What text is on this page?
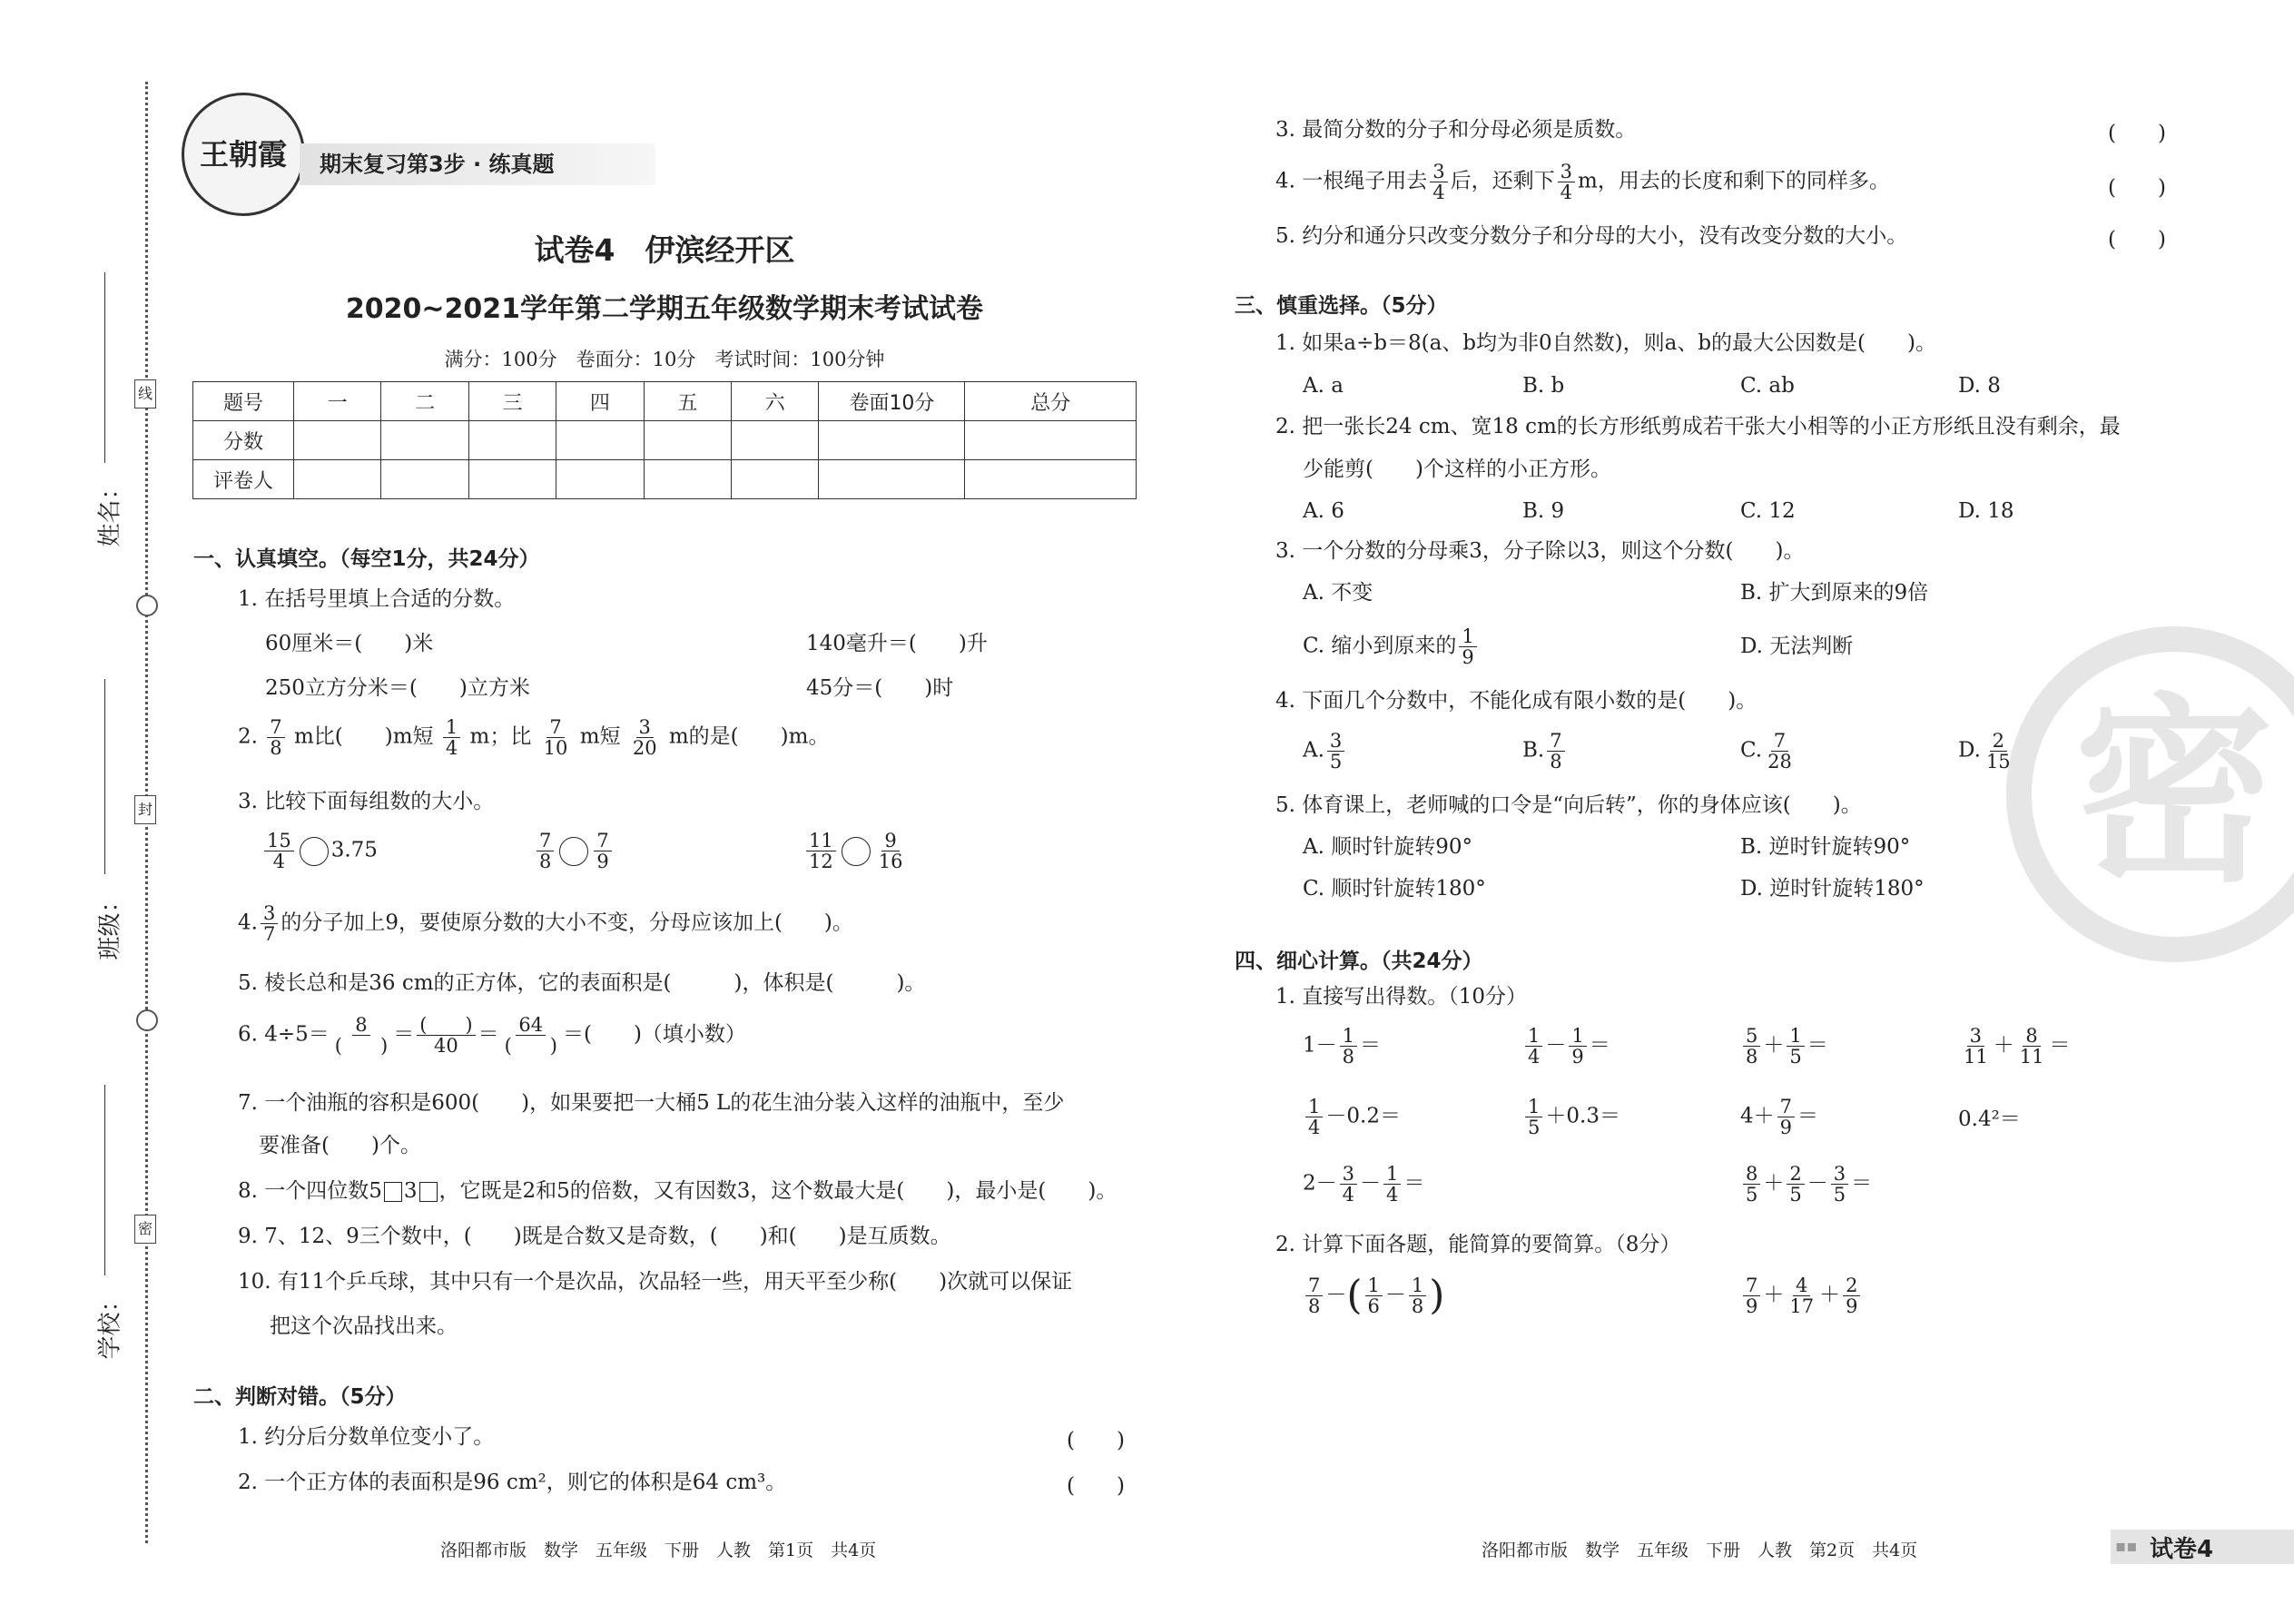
线
封
密
姓名：
班级：
学校：
王朝霞	期末复习第3步 · 练真题
试卷4　伊滨经开区
2020~2021学年第二学期五年级数学期末考试试卷
满分：100分　卷面分：10分　考试时间：100分钟
题号	一	二	三	四	五	六	卷面10分	总分
分数								
评卷人								
一、认真填空。（每空1分，共24分）
1. 在括号里填上合适的分数。
60厘米＝(　　)米	140毫升＝(　　)升
250立方分米＝(　　)立方米	45分＝(　　)时
2. $\frac{7}{8}$ m比(　　)m短 $\frac{1}{4}$ m；比 $\frac{7}{10}$ m短 $\frac{3}{20}$ m的是(　　)m。
3. 比较下面每组数的大小。
$\frac{15}{4} 3.75$	$\frac{7}{8} \frac{7}{9}$	$\frac{11}{12} \frac{9}{16}$
4. $\frac{3}{7}$ 的分子加上9，要使原分数的大小不变，分母应该加上(　　)。
5. 棱长总和是36 cm的正方体，它的表面积是(　　　)，体积是(　　　)。
6. $4\div 5= \frac{8}{( )} = \frac{( )}{40} = \frac{64}{( )}$ ＝(　　)（填小数）
7. 一个油瓶的容积是600(　　)，如果要把一大桶5 L的花生油分装入这样的油瓶中，至少
要准备(　　)个。
8. 一个四位数5 3 ，它既是2和5的倍数，又有因数3，这个数最大是(　　)，最小是(　　)。
9. 7、12、9三个数中，(　　)既是合数又是奇数，(　　)和(　　)是互质数。
10. 有11个乒乓球，其中只有一个是次品，次品轻一些，用天平至少称(　　)次就可以保证
把这个次品找出来。
二、判断对错。（5分）
1. 约分后分数单位变小了。	(　　)
2. 一个正方体的表面积是96 cm²，则它的体积是64 cm³。	(　　)
洛阳都市版　数学　五年级　下册　人教　第1页　共4页
3. 最简分数的分子和分母必须是质数。	(　　)
4. 一根绳子用去 $\frac{3}{4}$ 后，还剩下 $\frac{3}{4}$ m，用去的长度和剩下的同样多。	(　　)
5. 约分和通分只改变分数分子和分母的大小，没有改变分数的大小。	(　　)
三、慎重选择。（5分）
1. 如果a÷b＝8(a、b均为非0自然数)，则a、b的最大公因数是(　　)。
A. a	B. b	C. ab	D. 8
2. 把一张长24 cm、宽18 cm的长方形纸剪成若干张大小相等的小正方形纸且没有剩余，最
少能剪(　　)个这样的小正方形。
A. 6	B. 9	C. 12	D. 18
3. 一个分数的分母乘3，分子除以3，则这个分数(　　)。
A. 不变	B. 扩大到原来的9倍
C. 缩小到原来的 $\frac{1}{9}$	D. 无法判断
4. 下面几个分数中，不能化成有限小数的是(　　)。
A. $\frac{3}{5}$	B. $\frac{7}{8}$	C. $\frac{7}{28}$	D. $\frac{2}{15}$
5. 体育课上，老师喊的口令是“向后转”，你的身体应该(　　)。
A. 顺时针旋转90°	B. 逆时针旋转90°
C. 顺时针旋转180°	D. 逆时针旋转180°
四、细心计算。（共24分）
1. 直接写出得数。（10分）
$1- \frac{1}{8}$ ＝	$\frac{1}{4} - \frac{1}{9}$ ＝	$\frac{5}{8} + \frac{1}{5}$ ＝	$\frac{3}{11} + \frac{8}{11}$ ＝
$\frac{1}{4} -0.2=$	$\frac{1}{5} +0.3=$	$4+ \frac{7}{9}$ ＝	0.4²＝
$2- \frac{3}{4} - \frac{1}{4}$ ＝	$\frac{8}{5} + \frac{2}{5} - \frac{3}{5}$ ＝
2. 计算下面各题，能简算的要简算。（8分）
$\frac{7}{8}$ －( $\frac{1}{6} - \frac{1}{8}$ )	$\frac{7}{9} + \frac{4}{17} + \frac{2}{9}$
密
洛阳都市版　数学　五年级　下册　人教　第2页　共4页	▪▪ 试卷4
